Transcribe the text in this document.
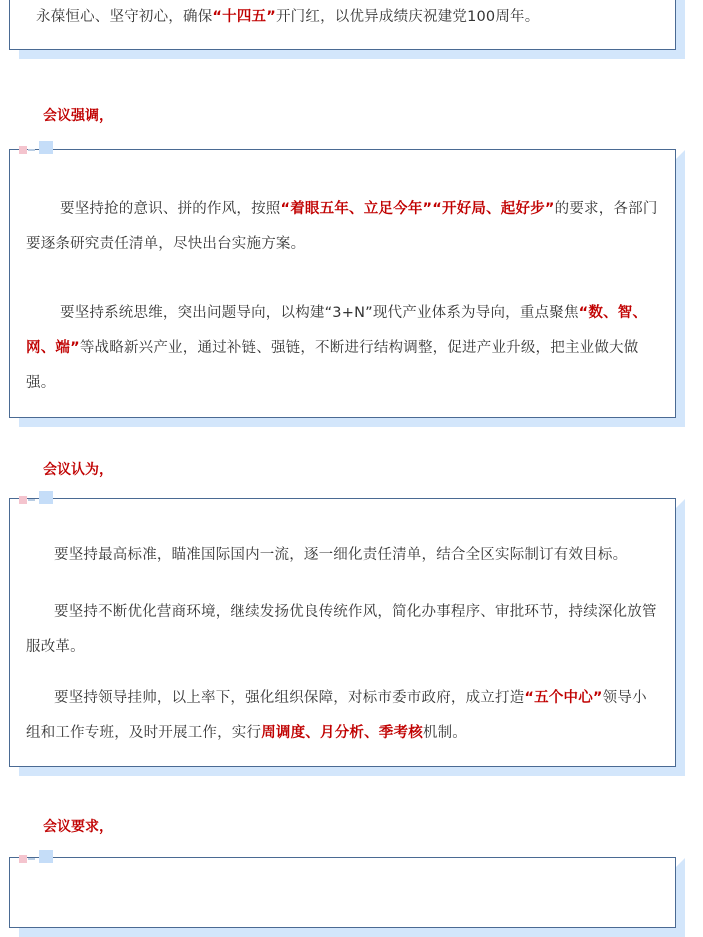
永葆恒心、坚守初心，确保“十四五”开门红，以优异成绩庆祝建党100周年。

会议强调，

要坚持抢的意识、拼的作风，按照“着眼五年、立足今年”“开好局、起好步”的要求，各部门要逐条研究责任清单，尽快出台实施方案。

要坚持系统思维，突出问题导向，以构建“3+N”现代产业体系为导向，重点聚焦“数、智、网、端”等战略新兴产业，通过补链、强链，不断进行结构调整，促进产业升级，把主业做大做强。

会议认为，

要坚持最高标准，瞄准国际国内一流，逐一细化责任清单，结合全区实际制订有效目标。

要坚持不断优化营商环境，继续发扬优良传统作风，简化办事程序、审批环节，持续深化放管服改革。

要坚持领导挂帅，以上率下，强化组织保障，对标市委市政府，成立打造“五个中心”领导小组和工作专班，及时开展工作，实行周调度、月分析、季考核机制。

会议要求，
